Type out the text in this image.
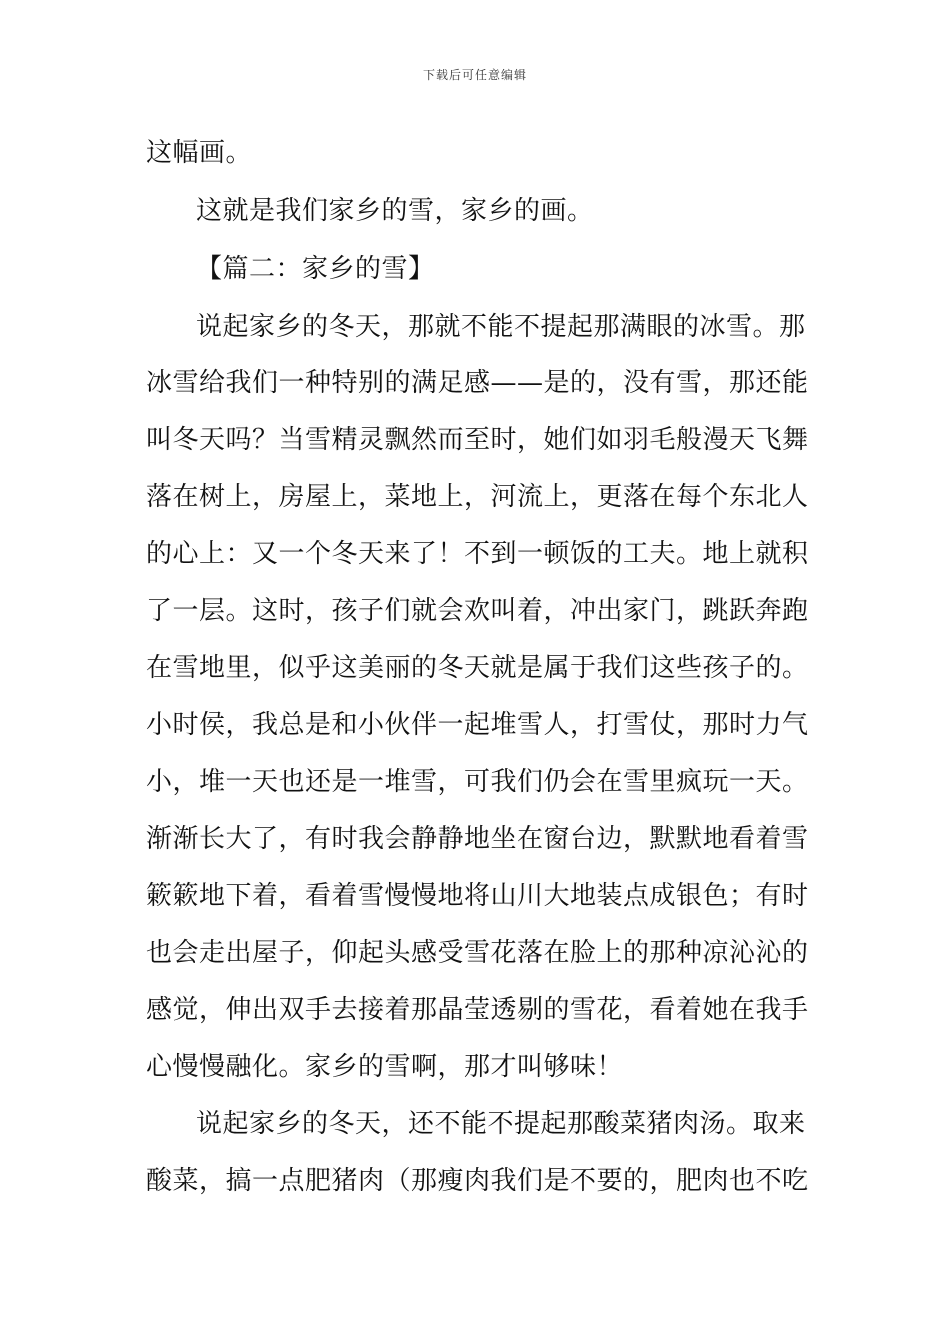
下载后可任意编辑
这幅画。
这就是我们家乡的雪，家乡的画。
【篇二：家乡的雪】
说起家乡的冬天，那就不能不提起那满眼的冰雪。那
冰雪给我们一种特别的满足感——是的，没有雪，那还能
叫冬天吗？当雪精灵飘然而至时，她们如羽毛般漫天飞舞
落在树上，房屋上，菜地上，河流上，更落在每个东北人
的心上：又一个冬天来了！不到一顿饭的工夫。地上就积
了一层。这时，孩子们就会欢叫着，冲出家门，跳跃奔跑
在雪地里，似乎这美丽的冬天就是属于我们这些孩子的。
小时侯，我总是和小伙伴一起堆雪人，打雪仗，那时力气
小，堆一天也还是一堆雪，可我们仍会在雪里疯玩一天。
渐渐长大了，有时我会静静地坐在窗台边，默默地看着雪
簌簌地下着，看着雪慢慢地将山川大地装点成银色；有时
也会走出屋子，仰起头感受雪花落在脸上的那种凉沁沁的
感觉，伸出双手去接着那晶莹透剔的雪花，看着她在我手
心慢慢融化。家乡的雪啊，那才叫够味！
说起家乡的冬天，还不能不提起那酸菜猪肉汤。取来
酸菜，搞一点肥猪肉（那瘦肉我们是不要的，肥肉也不吃
